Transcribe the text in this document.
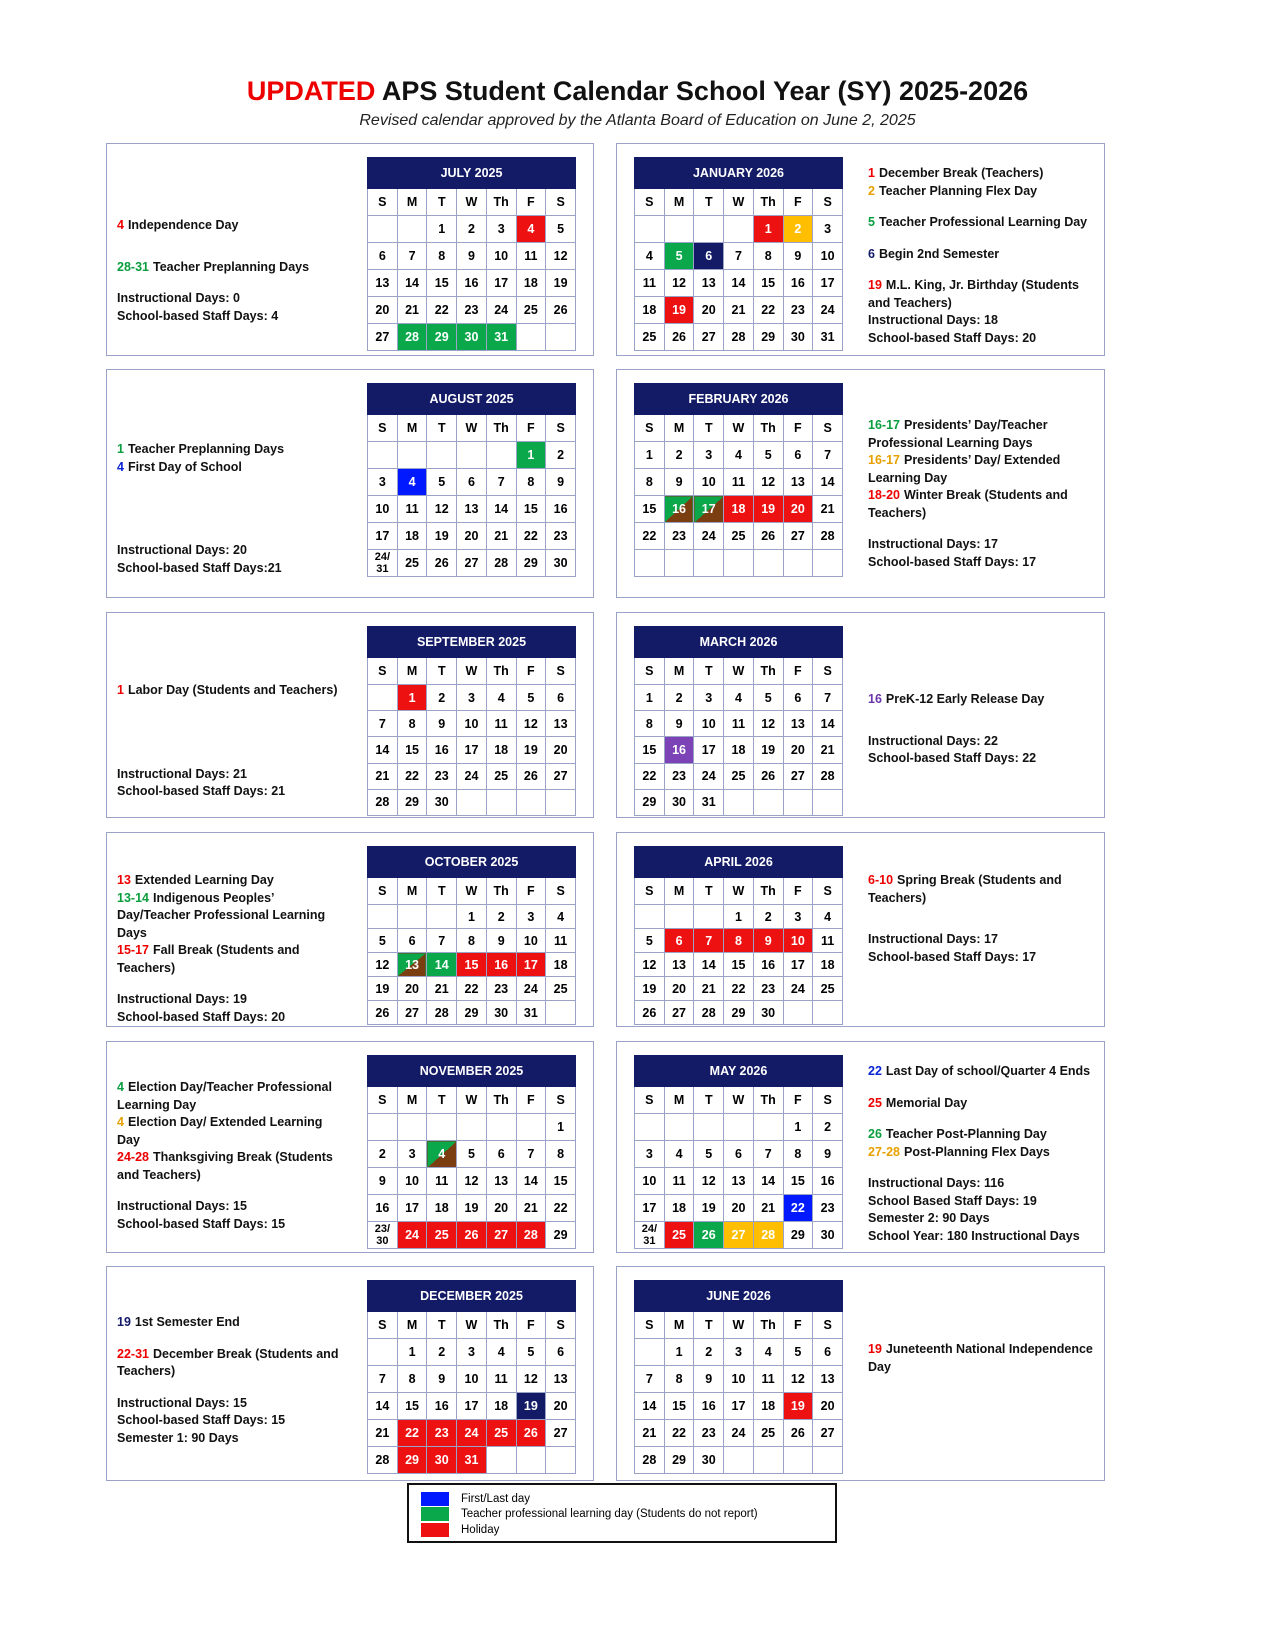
UPDATED APS Student Calendar School Year (SY) 2025-2026
Revised calendar approved by the Atlanta Board of Education on June 2, 2025
JULY 2025						
S	M	T	W	Th	F	S
		1	2	3	4	5
6	7	8	9	10	11	12
13	14	15	16	17	18	19
20	21	22	23	24	25	26
27	28	29	30	31		
4 Independence Day
28-31 Teacher Preplanning Days
Instructional Days: 0
School-based Staff Days: 4
JANUARY 2026						
S	M	T	W	Th	F	S
				1	2	3
4	5	6	7	8	9	10
11	12	13	14	15	16	17
18	19	20	21	22	23	24
25	26	27	28	29	30	31
1 December Break (Teachers)
2 Teacher Planning Flex Day
5 Teacher Professional Learning Day
6 Begin 2nd Semester
19 M.L. King, Jr. Birthday (Students and Teachers)
Instructional Days: 18
School-based Staff Days: 20
AUGUST 2025						
S	M	T	W	Th	F	S
					1	2
3	4	5	6	7	8	9
10	11	12	13	14	15	16
17	18	19	20	21	22	23
24/ 31	25	26	27	28	29	30
1 Teacher Preplanning Days
4 First Day of School
Instructional Days: 20
School-based Staff Days:21
FEBRUARY 2026						
S	M	T	W	Th	F	S
1	2	3	4	5	6	7
8	9	10	11	12	13	14
15	16	17	18	19	20	21
22	23	24	25	26	27	28

16-17 Presidents’ Day/Teacher Professional Learning Days
16-17 Presidents’ Day/ Extended Learning Day
18-20 Winter Break (Students and Teachers)
Instructional Days: 17
School-based Staff Days: 17
SEPTEMBER 2025						
S	M	T	W	Th	F	S
	1	2	3	4	5	6
7	8	9	10	11	12	13
14	15	16	17	18	19	20
21	22	23	24	25	26	27
28	29	30				
1 Labor Day (Students and Teachers)
Instructional Days: 21
School-based Staff Days: 21
MARCH 2026						
S	M	T	W	Th	F	S
1	2	3	4	5	6	7
8	9	10	11	12	13	14
15	16	17	18	19	20	21
22	23	24	25	26	27	28
29	30	31				
16 PreK-12 Early Release Day
Instructional Days: 22
School-based Staff Days: 22
OCTOBER 2025						
S	M	T	W	Th	F	S
			1	2	3	4
5	6	7	8	9	10	11
12	13	14	15	16	17	18
19	20	21	22	23	24	25
26	27	28	29	30	31	
13 Extended Learning Day
13-14 Indigenous Peoples’ Day/Teacher Professional Learning Days
15-17 Fall Break (Students and Teachers)
Instructional Days: 19
School-based Staff Days: 20
APRIL 2026						
S	M	T	W	Th	F	S
			1	2	3	4
5	6	7	8	9	10	11
12	13	14	15	16	17	18
19	20	21	22	23	24	25
26	27	28	29	30		
6-10 Spring Break (Students and Teachers)
Instructional Days: 17
School-based Staff Days: 17
NOVEMBER 2025						
S	M	T	W	Th	F	S
						1
2	3	4	5	6	7	8
9	10	11	12	13	14	15
16	17	18	19	20	21	22
23/ 30	24	25	26	27	28	29
4 Election Day/Teacher Professional Learning Day
4 Election Day/ Extended Learning Day
24-28 Thanksgiving Break (Students and Teachers)
Instructional Days: 15
School-based Staff Days: 15
MAY 2026						
S	M	T	W	Th	F	S
					1	2
3	4	5	6	7	8	9
10	11	12	13	14	15	16
17	18	19	20	21	22	23
24/ 31	25	26	27	28	29	30
22 Last Day of school/Quarter 4 Ends
25 Memorial Day
26 Teacher Post-Planning Day
27-28 Post-Planning Flex Days
Instructional Days: 116
School Based Staff Days: 19
Semester 2: 90 Days
School Year: 180 Instructional Days
DECEMBER 2025						
S	M	T	W	Th	F	S
	1	2	3	4	5	6
7	8	9	10	11	12	13
14	15	16	17	18	19	20
21	22	23	24	25	26	27
28	29	30	31			
19 1st Semester End
22-31 December Break (Students and Teachers)
Instructional Days: 15
School-based Staff Days: 15
Semester 1: 90 Days
JUNE 2026						
S	M	T	W	Th	F	S
	1	2	3	4	5	6
7	8	9	10	11	12	13
14	15	16	17	18	19	20
21	22	23	24	25	26	27
28	29	30				
19 Juneteenth National Independence Day
First/Last day
Teacher professional learning day (Students do not report)
Holiday
